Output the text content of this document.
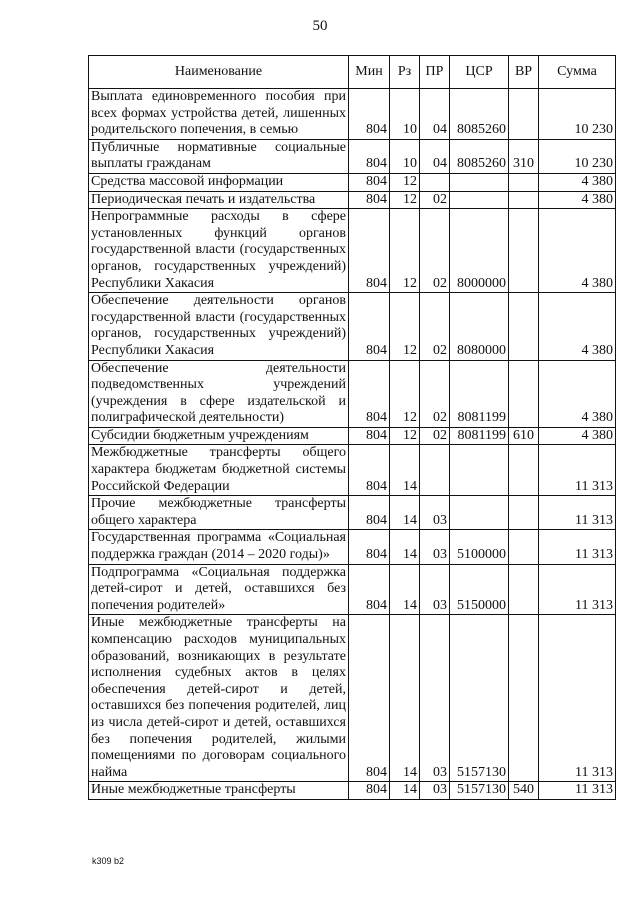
50
Наименование	Мин	Рз	ПР	ЦСР	ВР	Сумма
Выплата единовременного пособия при всех формах устройства детей, лишенных родительского попечения, в семью	804	10	04	8085260		10 230
Публичные нормативные социальные выплаты гражданам	804	10	04	8085260	310	10 230
Средства массовой информации	804	12				4 380
Периодическая печать и издательства	804	12	02			4 380
Непрограммные расходы в сфере установленных функций органов государственной власти (государственных органов, государственных учреждений) Республики Хакасия	804	12	02	8000000		4 380
Обеспечение деятельности органов государственной власти (государственных органов, государственных учреждений) Республики Хакасия	804	12	02	8080000		4 380
Обеспечение деятельности подведомственных учреждений (учреждения в сфере издательской и полиграфической деятельности)	804	12	02	8081199		4 380
Субсидии бюджетным учреждениям	804	12	02	8081199	610	4 380
Межбюджетные трансферты общего характера бюджетам бюджетной системы Российской Федерации	804	14				11 313
Прочие межбюджетные трансферты общего характера	804	14	03			11 313
Государственная программа «Социальная поддержка граждан (2014 – 2020 годы)»	804	14	03	5100000		11 313
Подпрограмма «Социальная поддержка детей-сирот и детей, оставшихся без попечения родителей»	804	14	03	5150000		11 313
Иные межбюджетные трансферты на компенсацию расходов муниципальных образований, возникающих в результате исполнения судебных актов в целях обеспечения детей-сирот и детей, оставшихся без попечения родителей, лиц из числа детей-сирот и детей, оставшихся без попечения родителей, жилыми помещениями по договорам социального найма	804	14	03	5157130		11 313
Иные межбюджетные трансферты	804	14	03	5157130	540	11 313
k309 b2
